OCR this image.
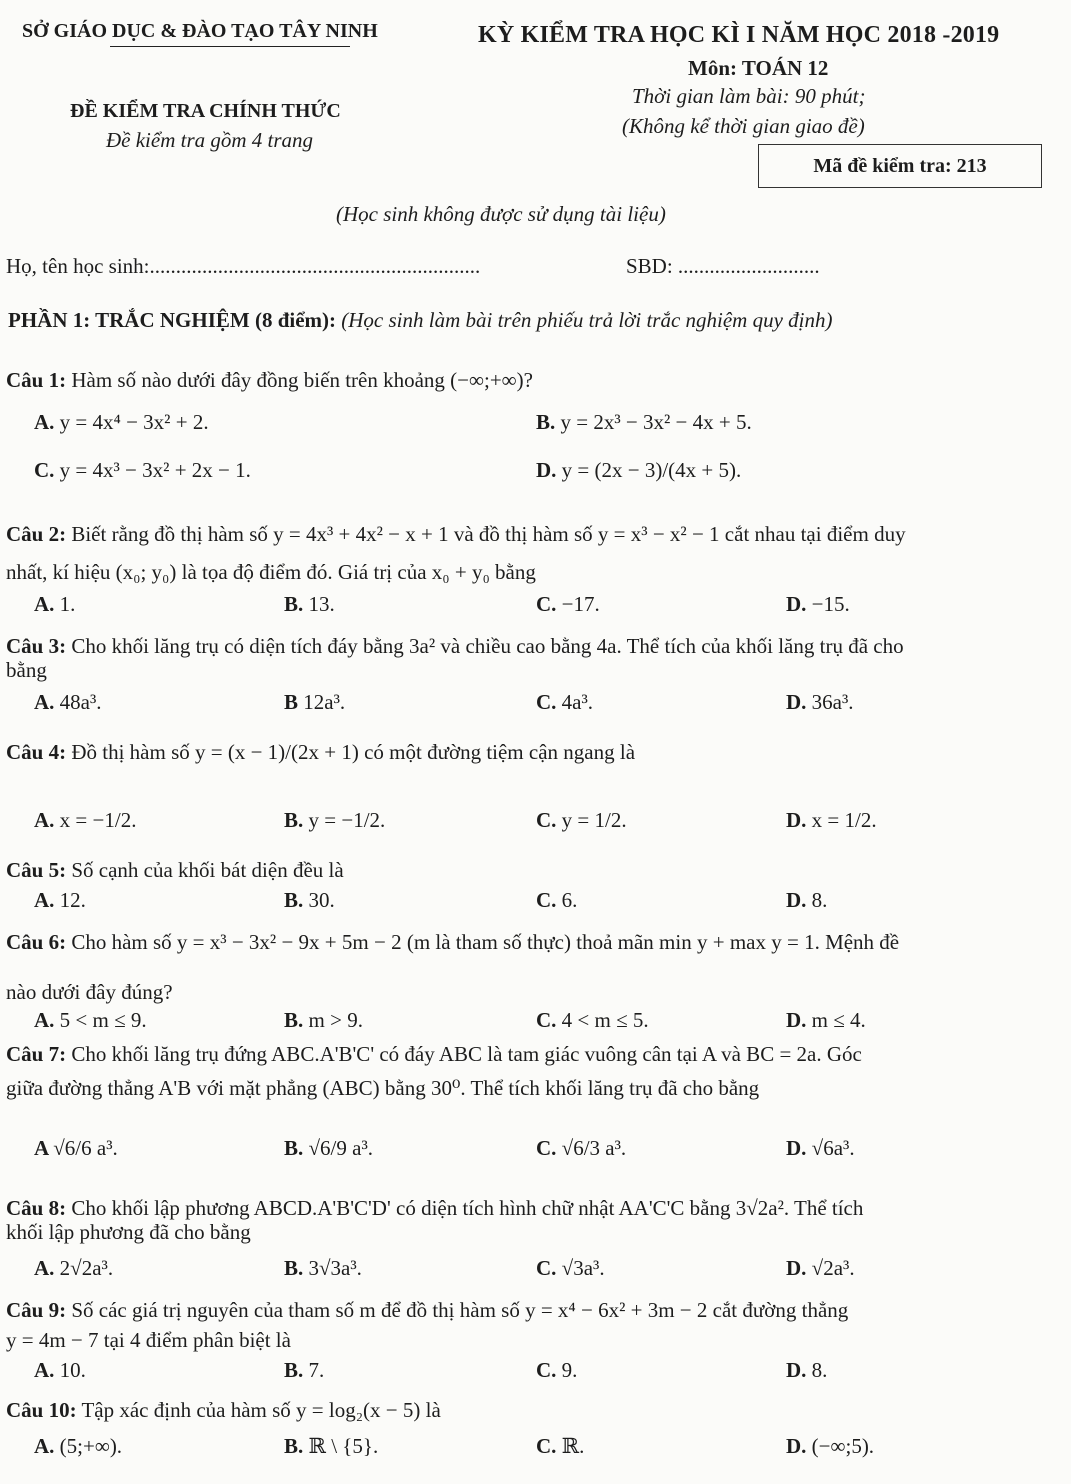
SỞ GIÁO DỤC & ĐÀO TẠO TÂY NINH	KỲ KIỂM TRA HỌC KÌ I NĂM HỌC 2018 -2019
Môn: TOÁN 12
Thời gian làm bài: 90 phút;
ĐỀ KIỂM TRA CHÍNH THỨC
(Không kể thời gian giao đề)
Đề kiểm tra gồm 4 trang
Mã đề kiểm tra: 213
(Học sinh không được sử dụng tài liệu)
Họ, tên học sinh:...............................................................	SBD: ...........................
PHẦN 1: TRẮC NGHIỆM (8 điểm): (Học sinh làm bài trên phiếu trả lời trắc nghiệm quy định)
Câu 1: Hàm số nào dưới đây đồng biến trên khoảng (−∞;+∞)?
A. y = 4x⁴ − 3x² + 2.	B. y = 2x³ − 3x² − 4x + 5.
C. y = 4x³ − 3x² + 2x − 1.	D. y = (2x − 3)/(4x + 5).
Câu 2: Biết rằng đồ thị hàm số y = 4x³ + 4x² − x + 1 và đồ thị hàm số y = x³ − x² − 1 cắt nhau tại điểm duy
nhất, kí hiệu (x₀; y₀) là tọa độ điểm đó. Giá trị của x₀ + y₀ bằng
A. 1.	B. 13.	C. −17.	D. −15.
Câu 3: Cho khối lăng trụ có diện tích đáy bằng 3a² và chiều cao bằng 4a. Thể tích của khối lăng trụ đã cho
bằng
A. 48a³.	B 12a³.	C. 4a³.	D. 36a³.
Câu 4: Đồ thị hàm số y = (x − 1)/(2x + 1) có một đường tiệm cận ngang là
A. x = −1/2.	B. y = −1/2.	C. y = 1/2.	D. x = 1/2.
Câu 5: Số cạnh của khối bát diện đều là
A. 12.	B. 30.	C. 6.	D. 8.
Câu 6: Cho hàm số y = x³ − 3x² − 9x + 5m − 2 (m là tham số thực) thoả mãn min y + max y = 1. Mệnh đề
nào dưới đây đúng?
A. 5 < m ≤ 9.	B. m > 9.	C. 4 < m ≤ 5.	D. m ≤ 4.
Câu 7: Cho khối lăng trụ đứng ABC.A'B'C' có đáy ABC là tam giác vuông cân tại A và BC = 2a. Góc
giữa đường thẳng A'B với mặt phẳng (ABC) bằng 30⁰. Thể tích khối lăng trụ đã cho bằng
A √6/6 a³.	B. √6/9 a³.	C. √6/3 a³.	D. √6a³.
Câu 8: Cho khối lập phương ABCD.A'B'C'D' có diện tích hình chữ nhật AA'C'C bằng 3√2a². Thể tích
khối lập phương đã cho bằng
A. 2√2a³.	B. 3√3a³.	C. √3a³.	D. √2a³.
Câu 9: Số các giá trị nguyên của tham số m để đồ thị hàm số y = x⁴ − 6x² + 3m − 2 cắt đường thẳng
y = 4m − 7 tại 4 điểm phân biệt là
A. 10.	B. 7.	C. 9.	D. 8.
Câu 10: Tập xác định của hàm số y = log₂(x − 5) là
A. (5;+∞).	B. ℝ \ {5}.	C. ℝ.	D. (−∞;5).
